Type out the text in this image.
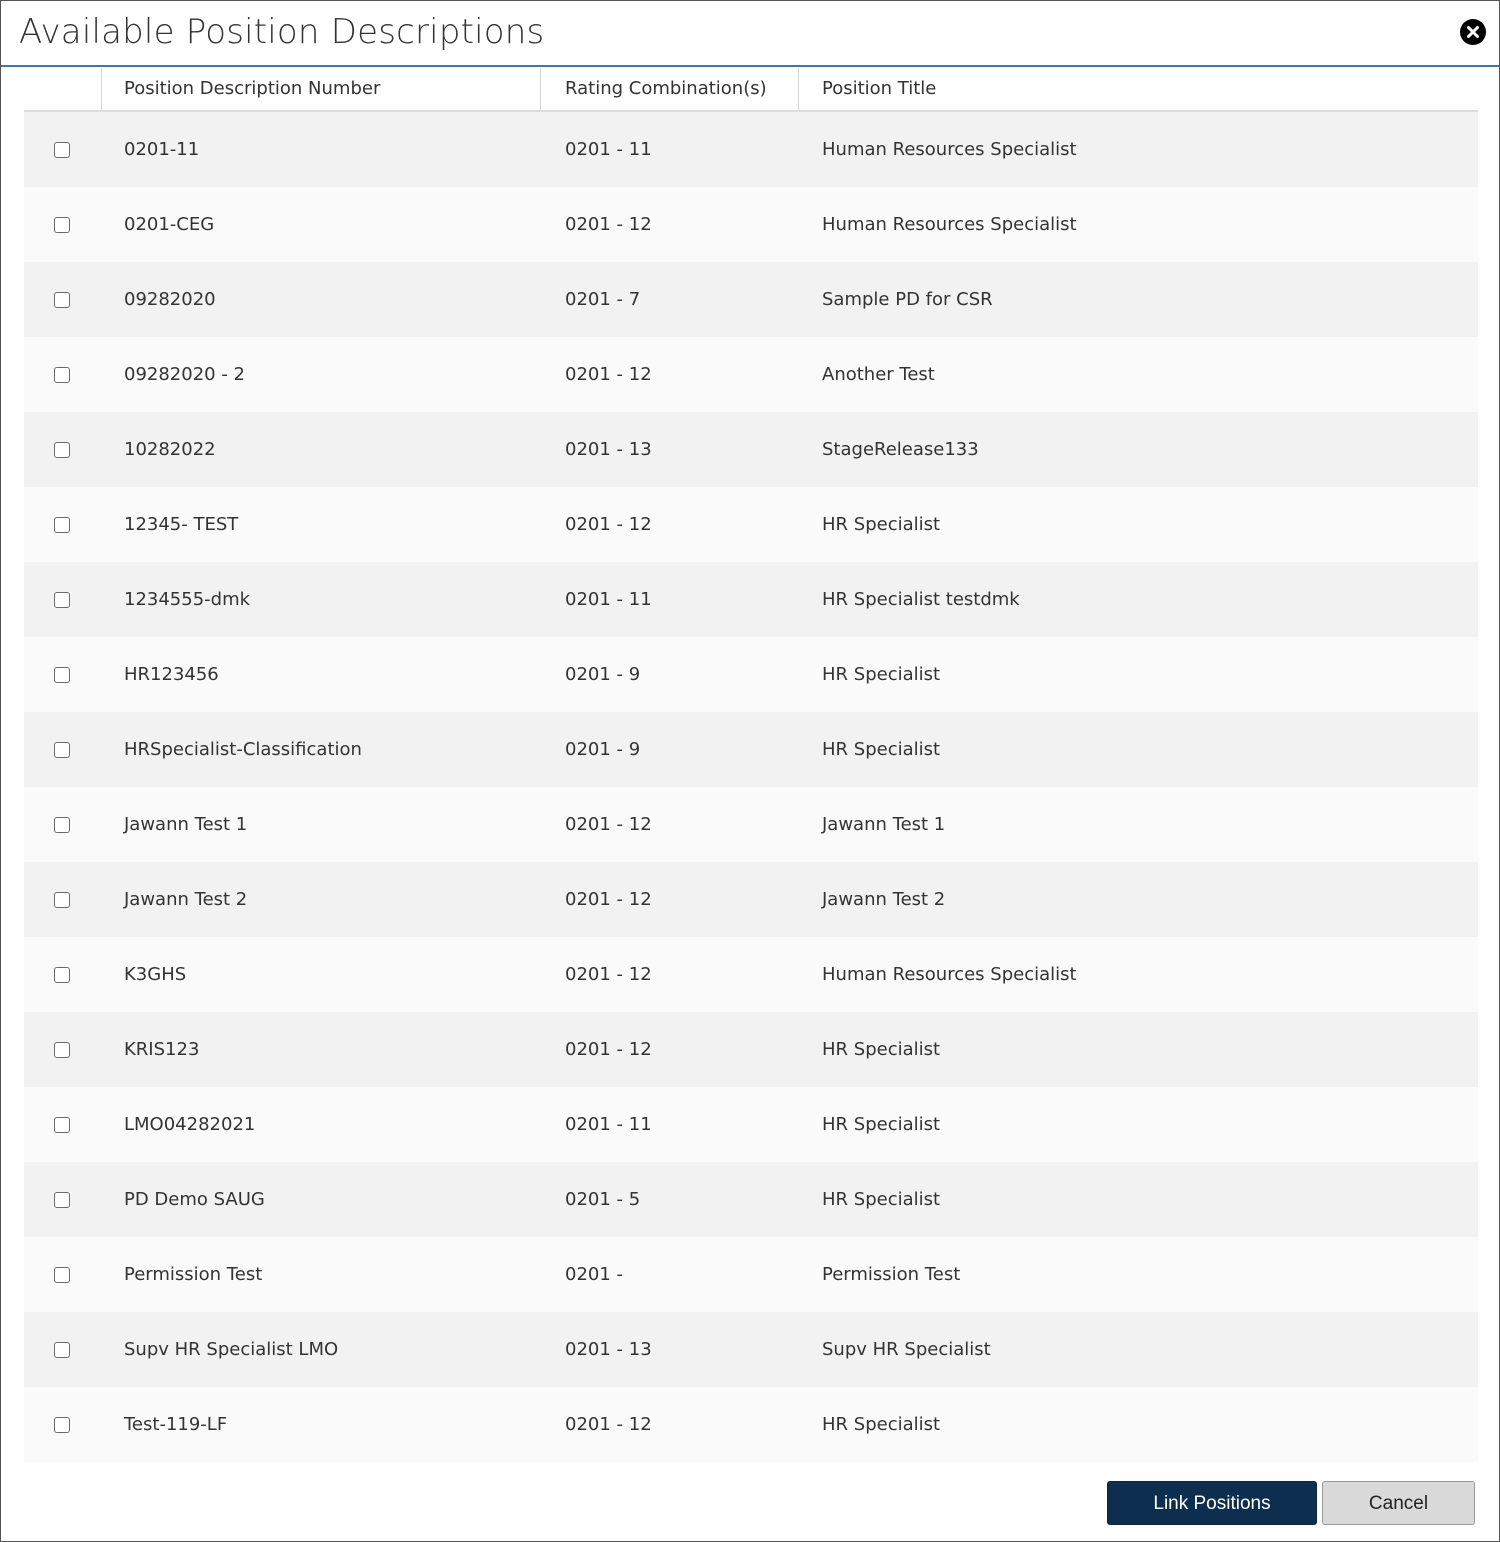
Available Position Descriptions
Position Description Number	Rating Combination(s)	Position Title
0201-11	0201 - 11	Human Resources Specialist
0201-CEG	0201 - 12	Human Resources Specialist
09282020	0201 - 7	Sample PD for CSR
09282020 - 2	0201 - 12	Another Test
10282022	0201 - 13	StageRelease133
12345- TEST	0201 - 12	HR Specialist
1234555-dmk	0201 - 11	HR Specialist testdmk
HR123456	0201 - 9	HR Specialist
HRSpecialist-Classification	0201 - 9	HR Specialist
Jawann Test 1	0201 - 12	Jawann Test 1
Jawann Test 2	0201 - 12	Jawann Test 2
K3GHS	0201 - 12	Human Resources Specialist
KRIS123	0201 - 12	HR Specialist
LMO04282021	0201 - 11	HR Specialist
PD Demo SAUG	0201 - 5	HR Specialist
Permission Test	0201 -	Permission Test
Supv HR Specialist LMO	0201 - 13	Supv HR Specialist
Test-119-LF	0201 - 12	HR Specialist
Link Positions	Cancel
